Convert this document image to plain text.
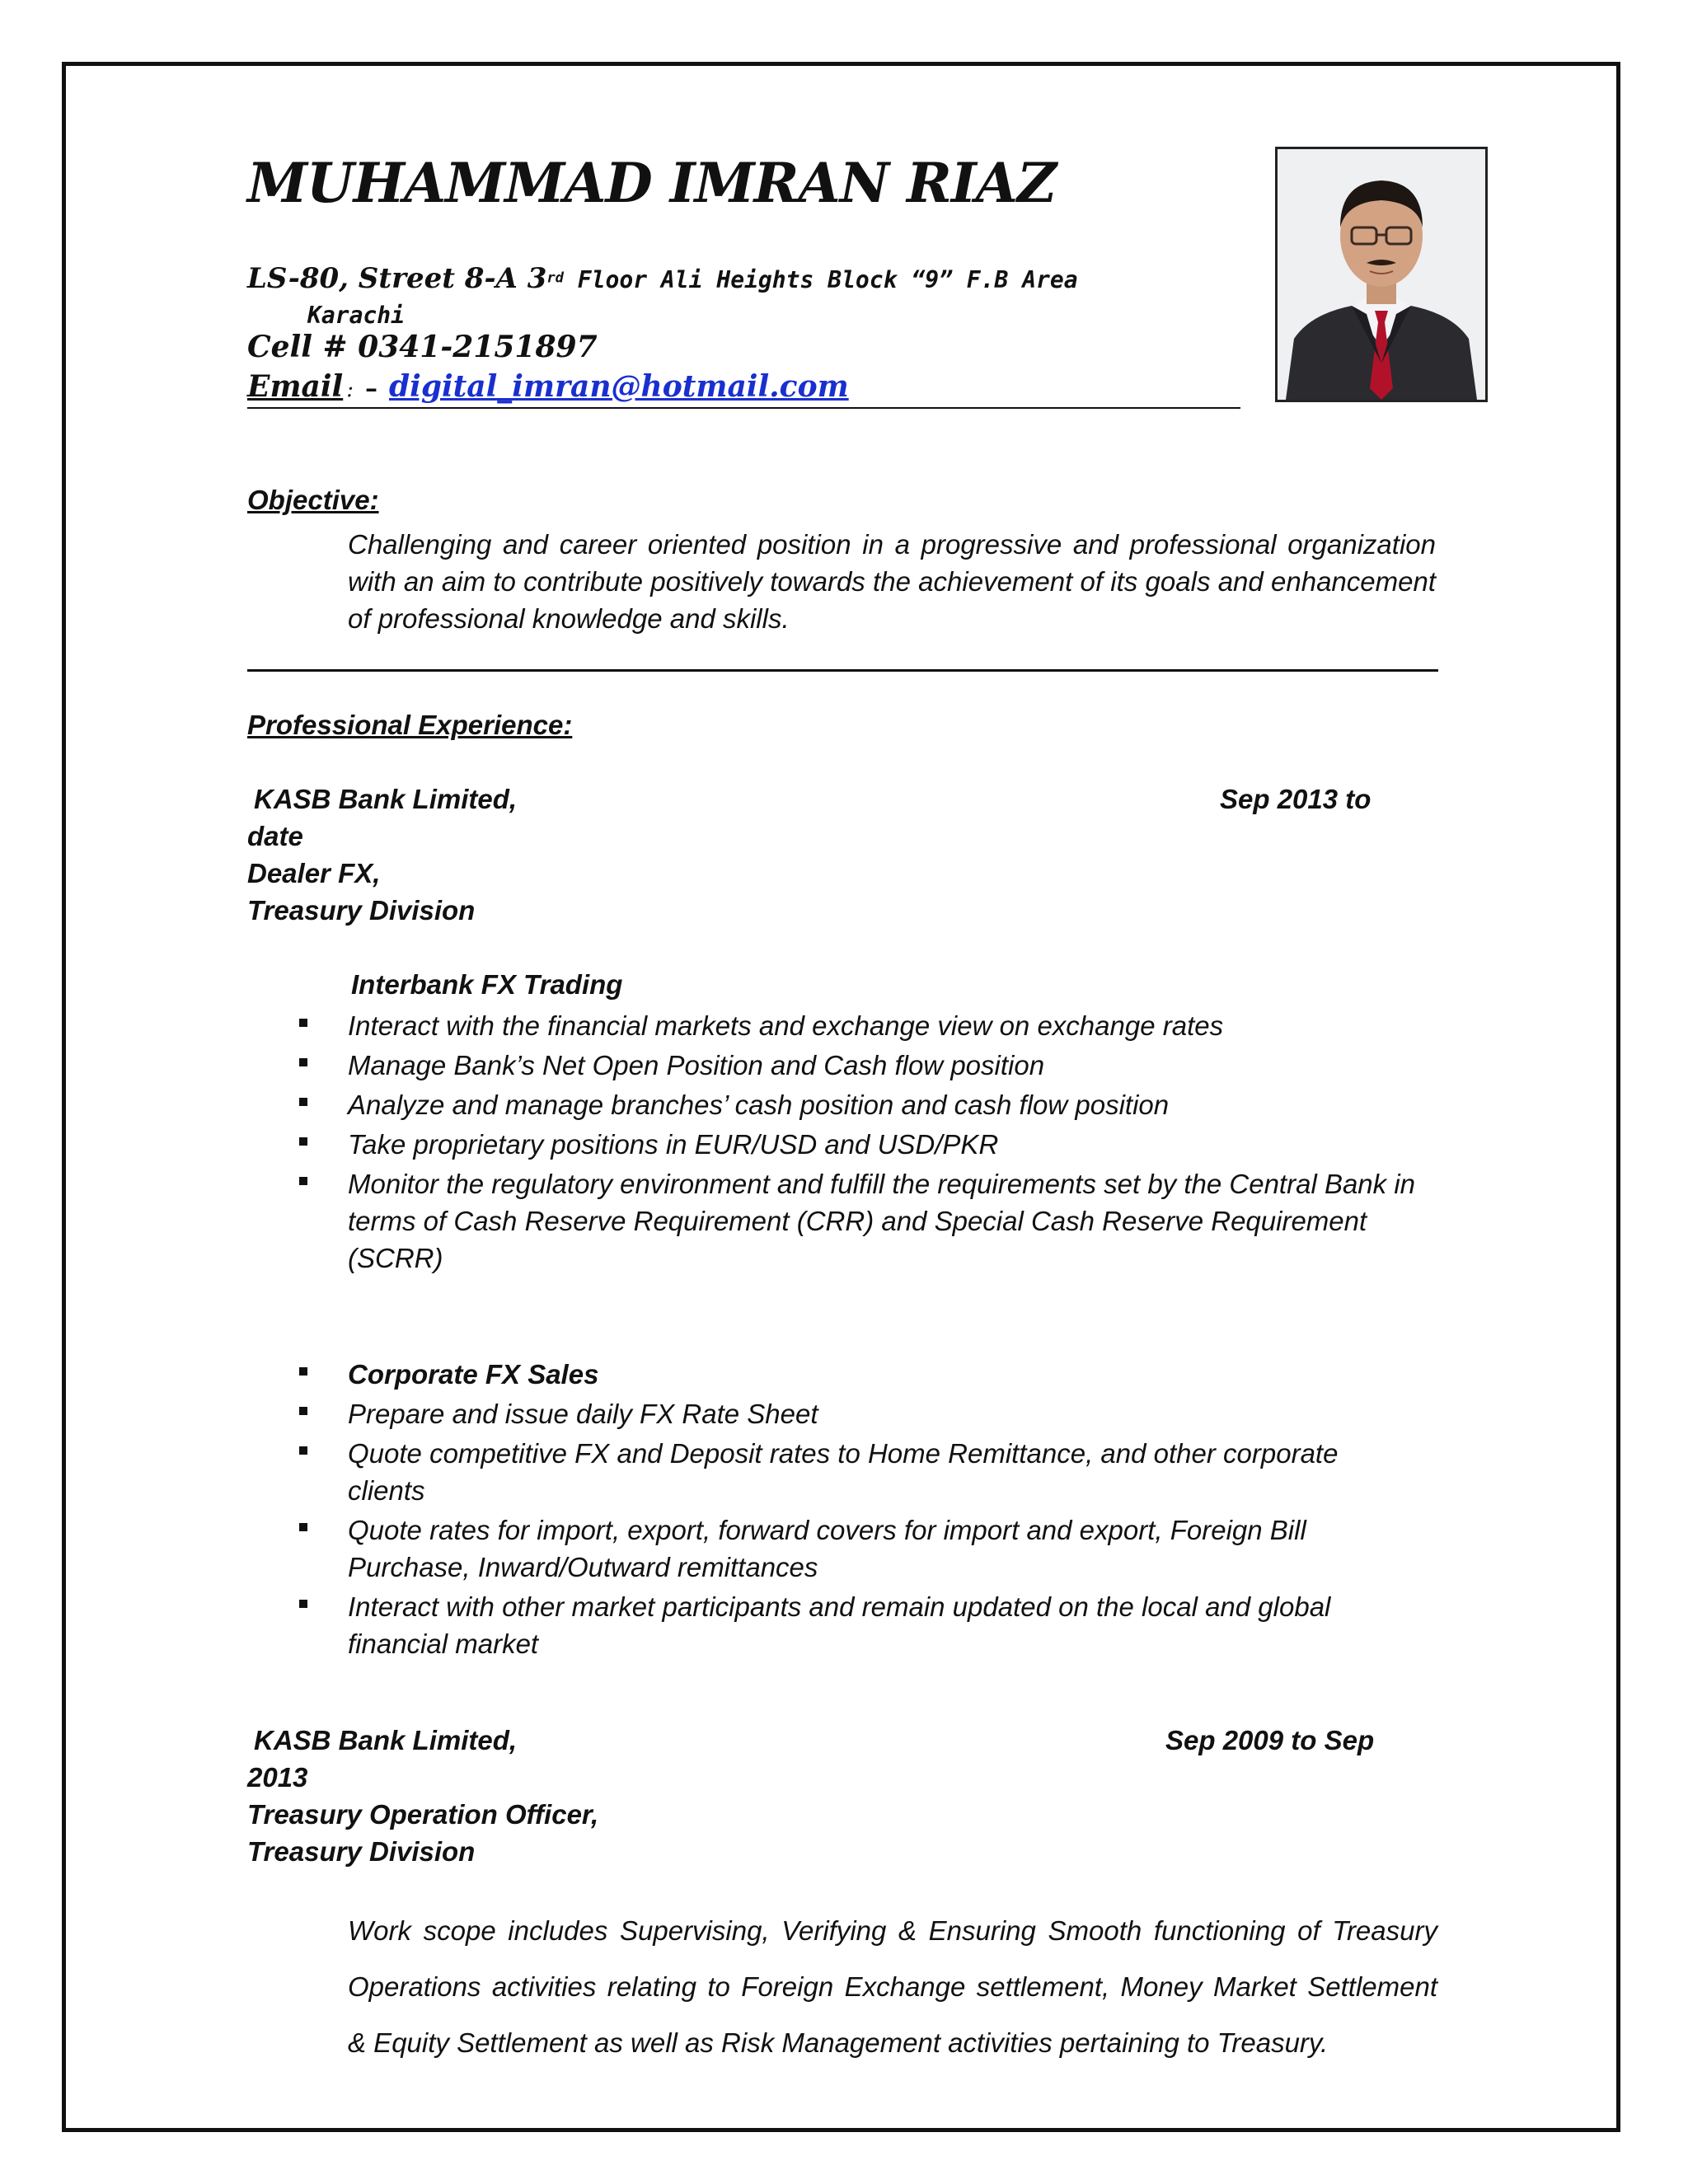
MUHAMMAD IMRAN RIAZ
LS-80, Street 8-A 3rd Floor Ali Heights Block “9” F.B Area
Karachi
Cell # 0341-2151897
Email : – digital_imran@hotmail.com
Objective:
Challenging and career oriented position in a progressive and professional organization with an aim to contribute positively towards the achievement of its goals and enhancement of professional knowledge and skills.
Professional Experience:
KASB Bank Limited,	Sep 2013 to
date
Dealer FX,
Treasury Division
Interbank FX Trading
Interact with the financial markets and exchange view on exchange rates
Manage Bank’s Net Open Position and Cash flow position
Analyze and manage branches’ cash position and cash flow position
Take proprietary positions in EUR/USD and USD/PKR
Monitor the regulatory environment and fulfill the requirements set by the Central Bank in terms of Cash Reserve Requirement (CRR) and Special Cash Reserve Requirement (SCRR)
Corporate FX Sales
Prepare and issue daily FX Rate Sheet
Quote competitive FX and Deposit rates to Home Remittance, and other corporate clients
Quote rates for import, export, forward covers for import and export, Foreign Bill Purchase, Inward/Outward remittances
Interact with other market participants and remain updated on the local and global financial market
KASB Bank Limited,	Sep 2009 to Sep
2013
Treasury Operation Officer,
Treasury Division
Work scope includes Supervising, Verifying & Ensuring Smooth functioning of Treasury
Operations activities relating to Foreign Exchange settlement, Money Market Settlement
& Equity Settlement as well as Risk Management activities pertaining to Treasury.
